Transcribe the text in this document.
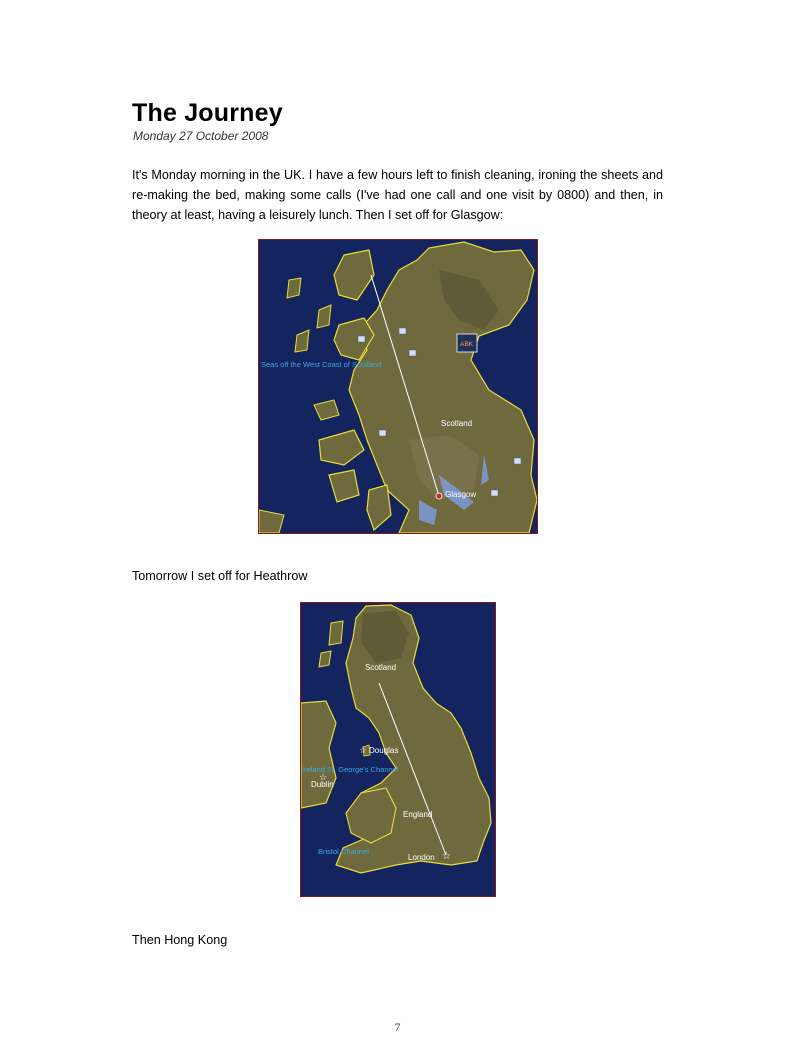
The Journey
Monday 27 October 2008

It's Monday morning in the UK. I have a few hours left to finish cleaning, ironing the sheets and re-making the bed, making some calls (I've had one call and one visit by 0800) and then, in theory at least, having a leisurely lunch. Then I set off for Glasgow:

ABK
Seas off the West Coast of Scotland
Scotland
Glasgow
Tomorrow I set off for Heathrow
☆
☆
☆
Scotland
Douglas
Ireland St. George's Channel
Dublin
England
Bristol Channel
London
Then Hong Kong
7
